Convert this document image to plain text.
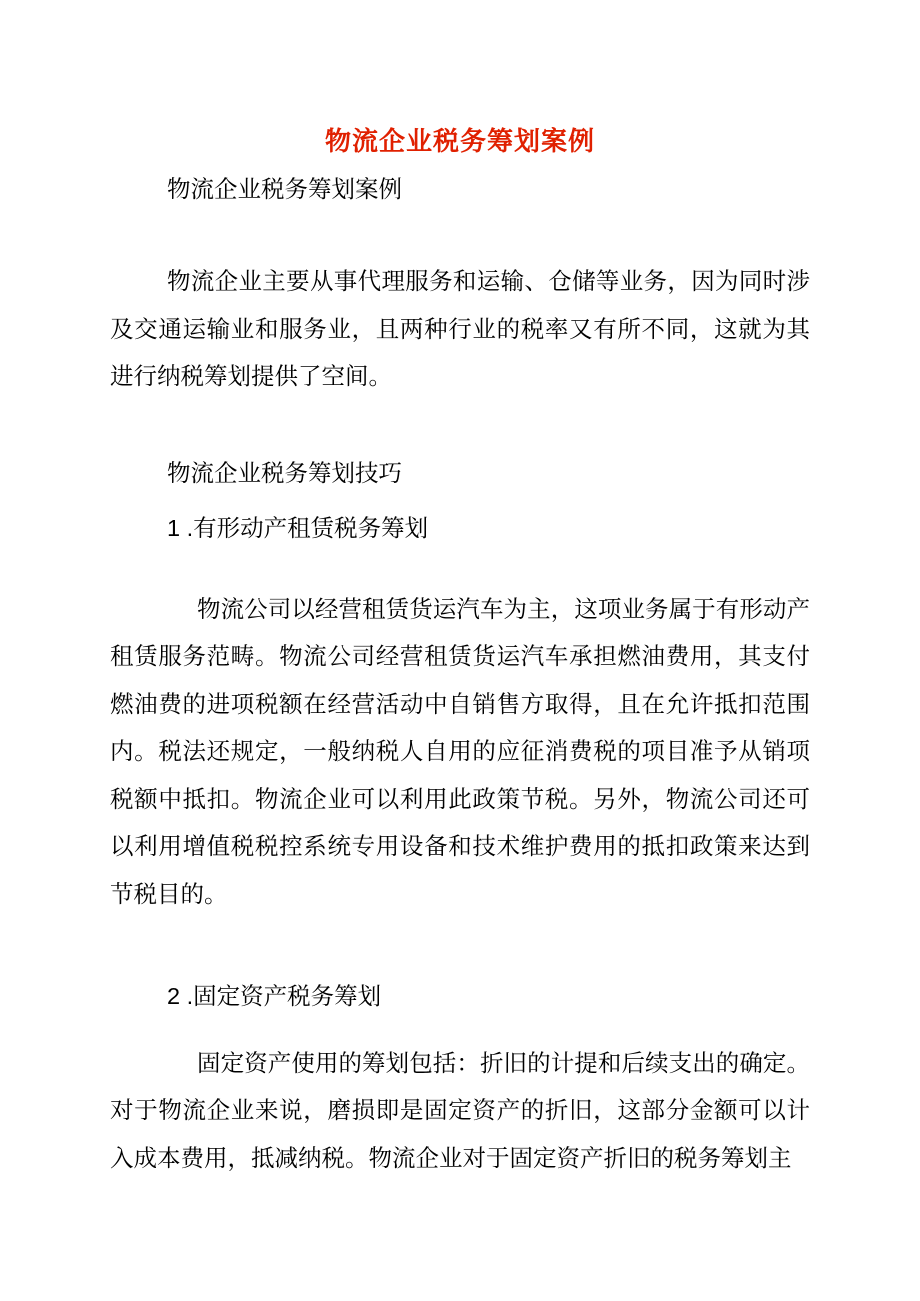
物流企业税务筹划案例

物流企业税务筹划案例

物流企业主要从事代理服务和运输、仓储等业务，因为同时涉及交通运输业和服务业，且两种行业的税率又有所不同，这就为其进行纳税筹划提供了空间。

物流企业税务筹划技巧

1 .有形动产租赁税务筹划

物流公司以经营租赁货运汽车为主，这项业务属于有形动产租赁服务范畴。物流公司经营租赁货运汽车承担燃油费用，其支付燃油费的进项税额在经营活动中自销售方取得，且在允许抵扣范围内。税法还规定，一般纳税人自用的应征消费税的项目准予从销项税额中抵扣。物流企业可以利用此政策节税。另外，物流公司还可以利用增值税税控系统专用设备和技术维护费用的抵扣政策来达到节税目的。

2 .固定资产税务筹划

固定资产使用的筹划包括：折旧的计提和后续支出的确定。对于物流企业来说，磨损即是固定资产的折旧，这部分金额可以计入成本费用，抵减纳税。物流企业对于固定资产折旧的税务筹划主
